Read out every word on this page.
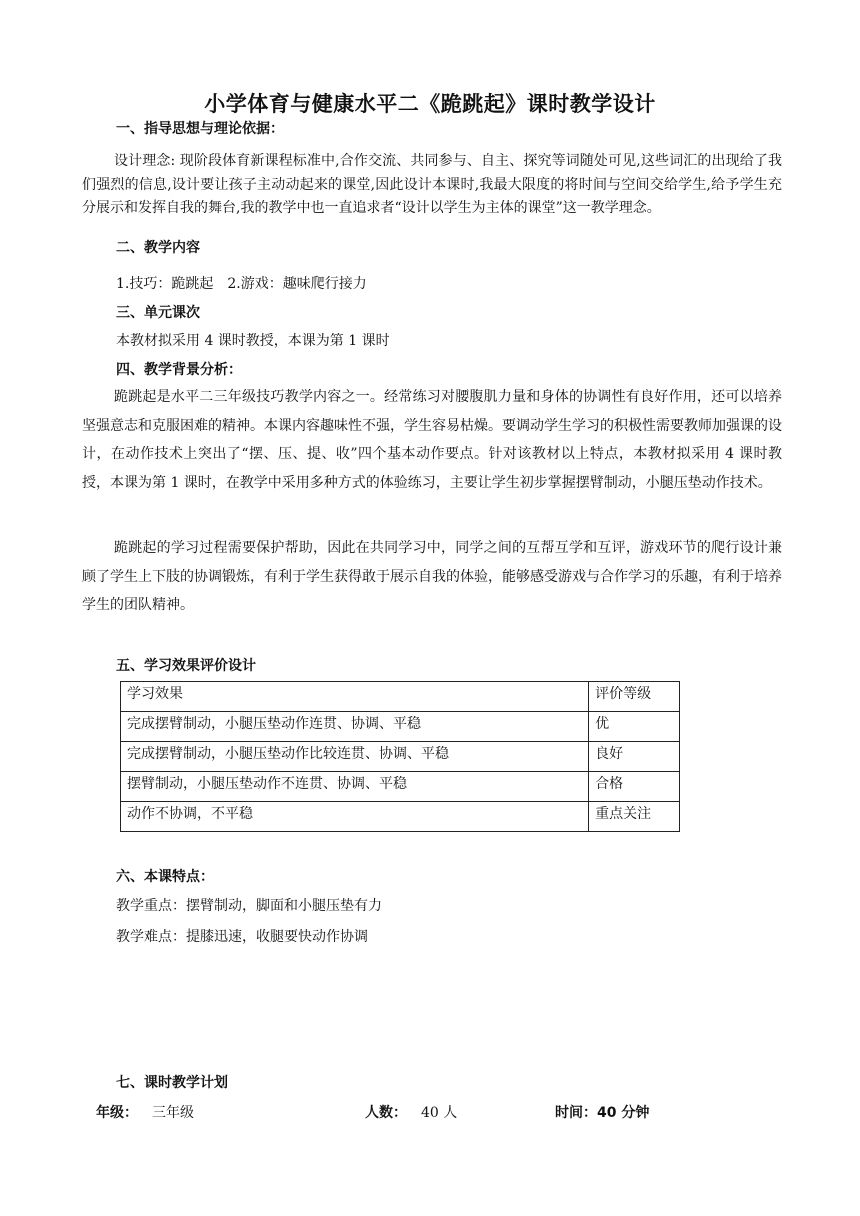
小学体育与健康水平二《跪跳起》课时教学设计
一、指导思想与理论依据：
设计理念: 现阶段体育新课程标准中,合作交流、共同参与、自主、探究等词随处可见,这些词汇的出现给了我们强烈的信息,设计要让孩子主动动起来的课堂,因此设计本课时,我最大限度的将时间与空间交给学生,给予学生充分展示和发挥自我的舞台,我的教学中也一直追求者“设计以学生为主体的课堂”这一教学理念。
二、教学内容
1.技巧：跪跳起 2.游戏：趣味爬行接力
三、单元课次
本教材拟采用 4 课时教授，本课为第 1 课时
四、教学背景分析：
跪跳起是水平二三年级技巧教学内容之一。经常练习对腰腹肌力量和身体的协调性有良好作用，还可以培养坚强意志和克服困难的精神。本课内容趣味性不强，学生容易枯燥。要调动学生学习的积极性需要教师加强课的设计，在动作技术上突出了“摆、压、提、收”四个基本动作要点。针对该教材以上特点，本教材拟采用 4 课时教授，本课为第 1 课时，在教学中采用多种方式的体验练习，主要让学生初步掌握摆臂制动，小腿压垫动作技术。
跪跳起的学习过程需要保护帮助，因此在共同学习中，同学之间的互帮互学和互评，游戏环节的爬行设计兼顾了学生上下肢的协调锻炼，有利于学生获得敢于展示自我的体验，能够感受游戏与合作学习的乐趣，有利于培养学生的团队精神。
五、学习效果评价设计
学习效果	评价等级
完成摆臂制动，小腿压垫动作连贯、协调、平稳	优
完成摆臂制动，小腿压垫动作比较连贯、协调、平稳	良好
摆臂制动，小腿压垫动作不连贯、协调、平稳	合格
动作不协调，不平稳	重点关注
六、本课特点：
教学重点：摆臂制动，脚面和小腿压垫有力
教学难点：提膝迅速，收腿要快动作协调
七、课时教学计划
年级： 三年级	人数： 40 人	时间：40 分钟
